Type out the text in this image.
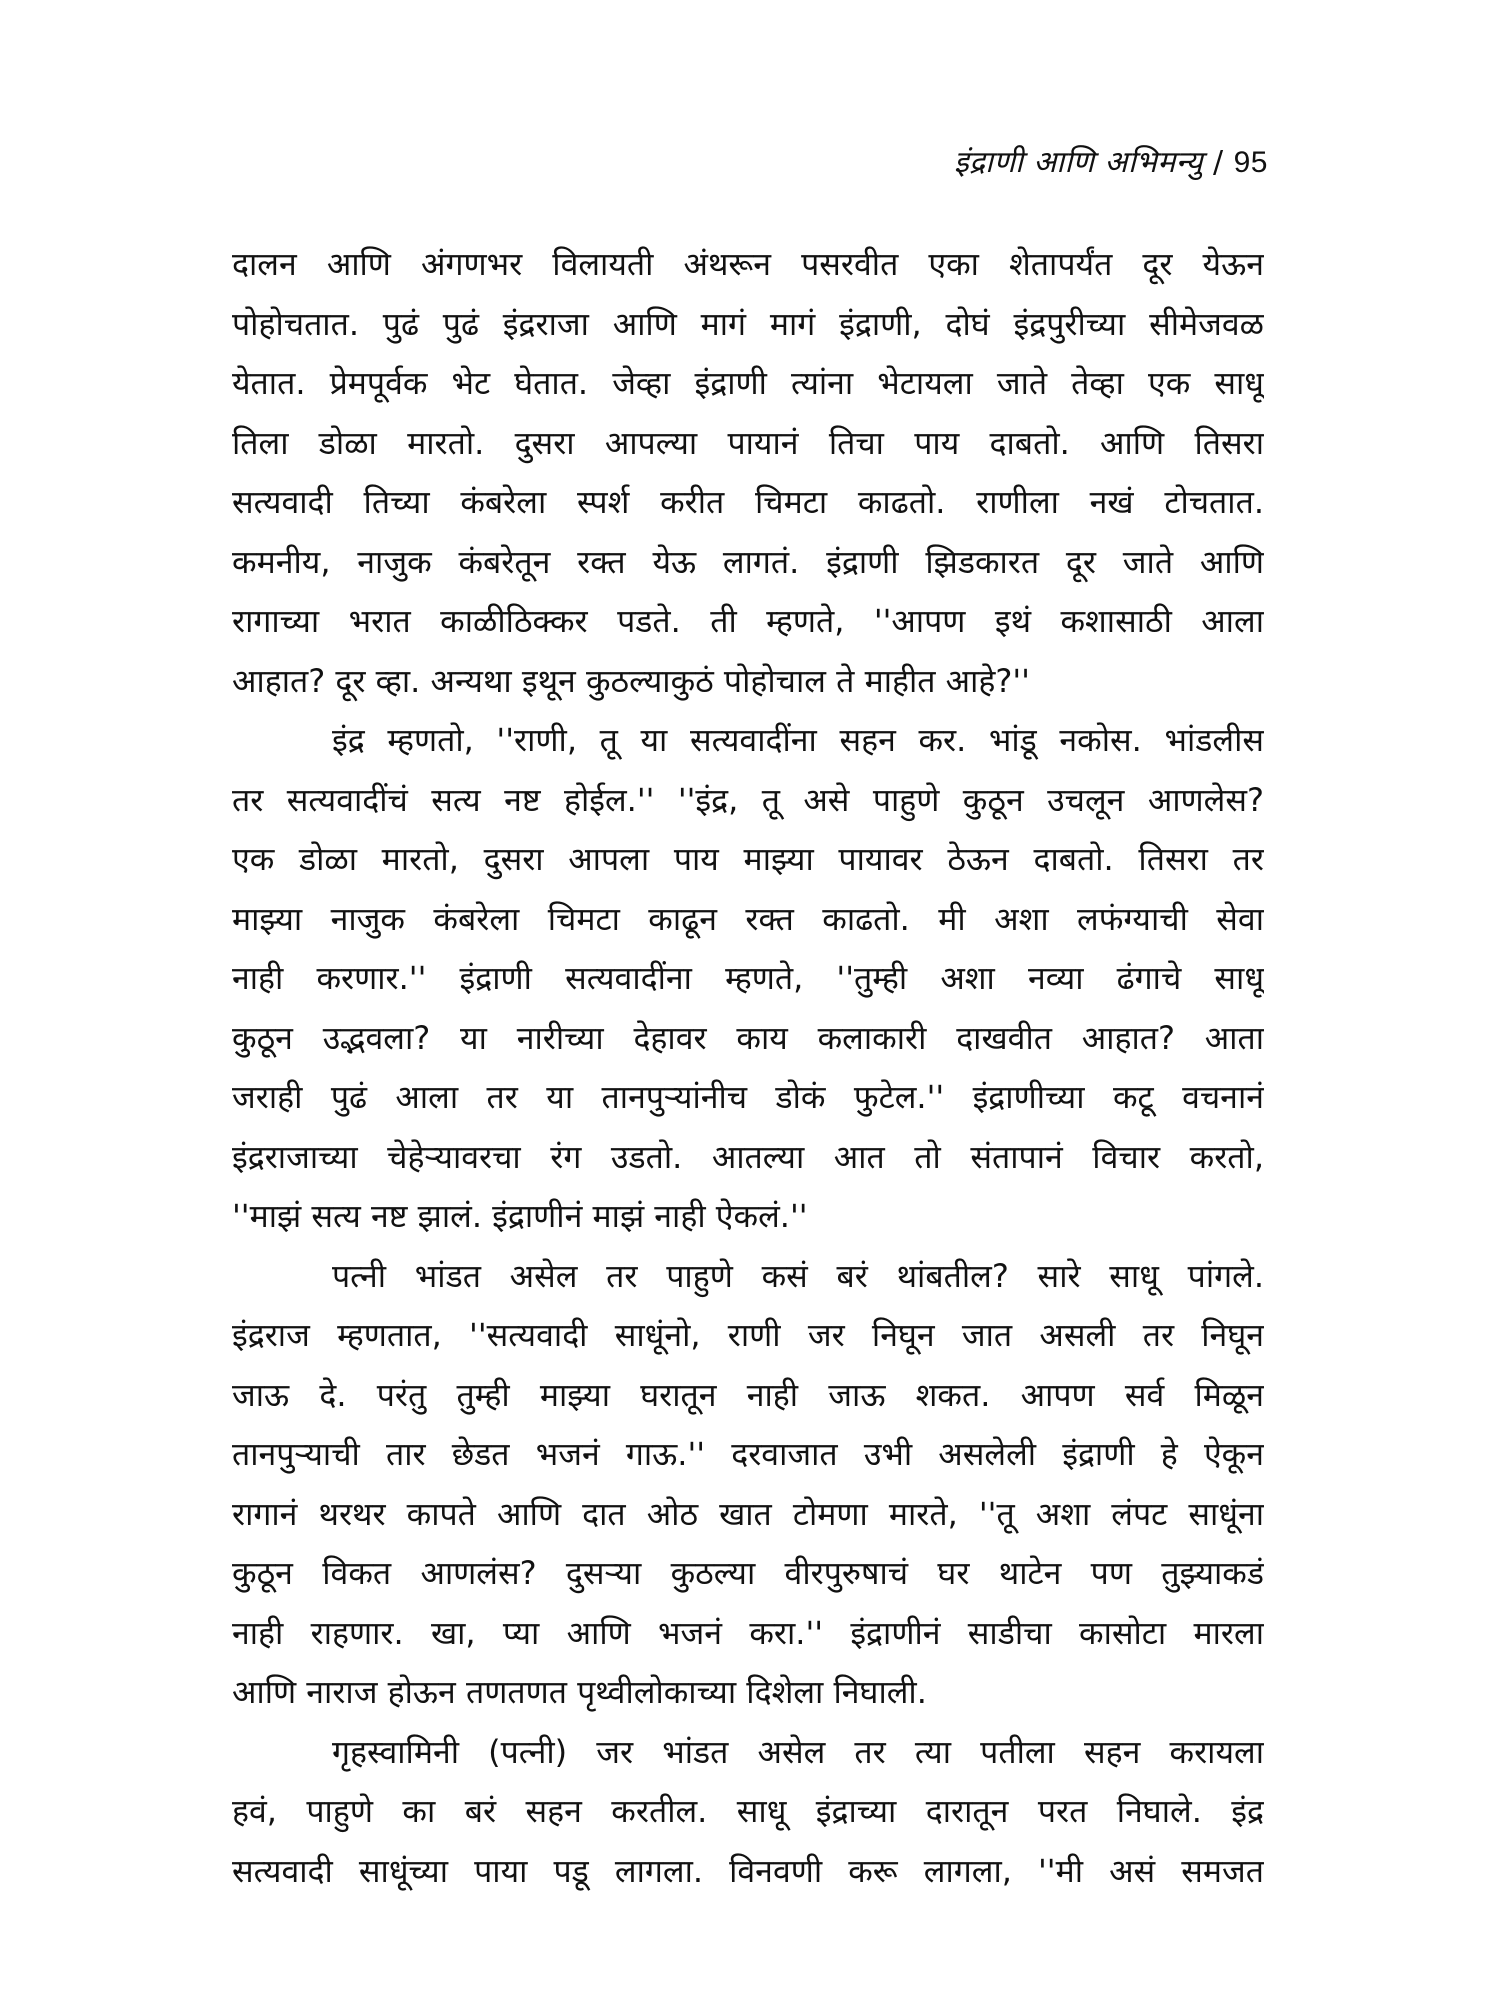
इंद्राणी आणि अभिमन्यु / 95
दालन आणि अंगणभर विलायती अंथरून पसरवीत एका शेतापर्यंत दूर येऊन
पोहोचतात. पुढं पुढं इंद्रराजा आणि मागं मागं इंद्राणी, दोघं इंद्रपुरीच्या सीमेजवळ
येतात. प्रेमपूर्वक भेट घेतात. जेव्हा इंद्राणी त्यांना भेटायला जाते तेव्हा एक साधू
तिला डोळा मारतो. दुसरा आपल्या पायानं तिचा पाय दाबतो. आणि तिसरा
सत्यवादी तिच्या कंबरेला स्पर्श करीत चिमटा काढतो. राणीला नखं टोचतात.
कमनीय, नाजुक कंबरेतून रक्त येऊ लागतं. इंद्राणी झिडकारत दूर जाते आणि
रागाच्या भरात काळीठिक्कर पडते. ती म्हणते, ''आपण इथं कशासाठी आला
आहात? दूर व्हा. अन्यथा इथून कुठल्याकुठं पोहोचाल ते माहीत आहे?''
इंद्र म्हणतो, ''राणी, तू या सत्यवादींना सहन कर. भांडू नकोस. भांडलीस
तर सत्यवादींचं सत्य नष्ट होईल.'' ''इंद्र, तू असे पाहुणे कुठून उचलून आणलेस?
एक डोळा मारतो, दुसरा आपला पाय माझ्या पायावर ठेऊन दाबतो. तिसरा तर
माझ्या नाजुक कंबरेला चिमटा काढून रक्त काढतो. मी अशा लफंग्याची सेवा
नाही करणार.'' इंद्राणी सत्यवादींना म्हणते, ''तुम्ही अशा नव्या ढंगाचे साधू
कुठून उद्भवला? या नारीच्या देहावर काय कलाकारी दाखवीत आहात? आता
जराही पुढं आला तर या तानपुऱ्यांनीच डोकं फुटेल.'' इंद्राणीच्या कटू वचनानं
इंद्रराजाच्या चेहेऱ्यावरचा रंग उडतो. आतल्या आत तो संतापानं विचार करतो,
''माझं सत्य नष्ट झालं. इंद्राणीनं माझं नाही ऐकलं.''
पत्नी भांडत असेल तर पाहुणे कसं बरं थांबतील? सारे साधू पांगले.
इंद्रराज म्हणतात, ''सत्यवादी साधूंनो, राणी जर निघून जात असली तर निघून
जाऊ दे. परंतु तुम्ही माझ्या घरातून नाही जाऊ शकत. आपण सर्व मिळून
तानपुऱ्याची तार छेडत भजनं गाऊ.'' दरवाजात उभी असलेली इंद्राणी हे ऐकून
रागानं थरथर कापते आणि दात ओठ खात टोमणा मारते, ''तू अशा लंपट साधूंना
कुठून विकत आणलंस? दुसऱ्या कुठल्या वीरपुरुषाचं घर थाटेन पण तुझ्याकडं
नाही राहणार. खा, प्या आणि भजनं करा.'' इंद्राणीनं साडीचा कासोटा मारला
आणि नाराज होऊन तणतणत पृथ्वीलोकाच्या दिशेला निघाली.
गृहस्वामिनी (पत्नी) जर भांडत असेल तर त्या पतीला सहन करायला
हवं, पाहुणे का बरं सहन करतील. साधू इंद्राच्या दारातून परत निघाले. इंद्र
सत्यवादी साधूंच्या पाया पडू लागला. विनवणी करू लागला, ''मी असं समजत
